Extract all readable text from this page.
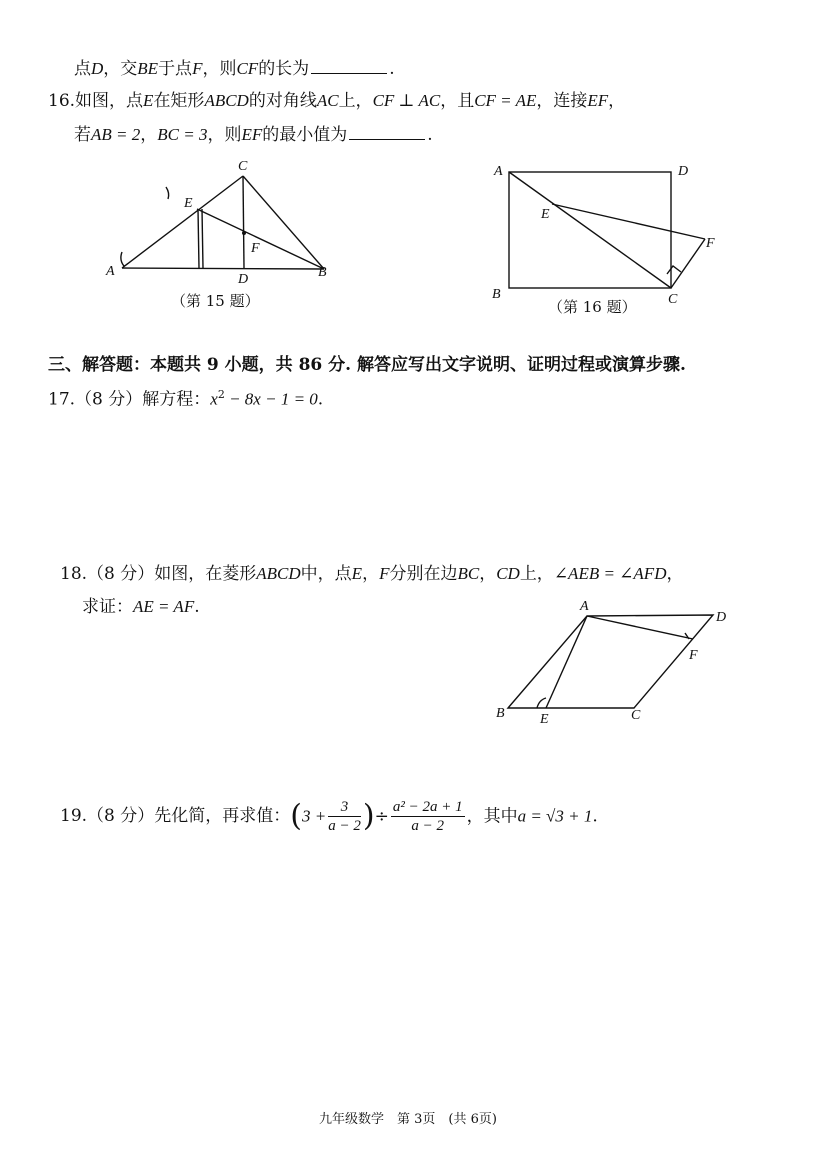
点D，交BE于点F，则CF的长为	.
16.如图，点E在矩形ABCD的对角线AC上，CF ⊥ AC，且CF = AE，连接EF，
若AB = 2，BC = 3，则EF的最小值为	.
C
E
F
A
D	B
（第 15 题）
A	D
E
F
B	C
（第 16 题）
三、解答题：本题共 9 小题，共 86 分. 解答应写出文字说明、证明过程或演算步骤.
17.（8 分）解方程：$x^2 - 8x - 1 = 0$.
18.（8 分）如图，在菱形ABCD中，点E，F分别在边BC，CD上，∠AEB = ∠AFD，
求证：AE = AF.	A
D
F
B	E	C
19.（8 分）先化简，再求值：($3 + \frac{3}{a - 2}$ )÷ $\frac{\text{a² − 2a + 1}}{a - 2}$ ，其中a = √3 + 1.
九年级数学　第 3页　(共 6页)
